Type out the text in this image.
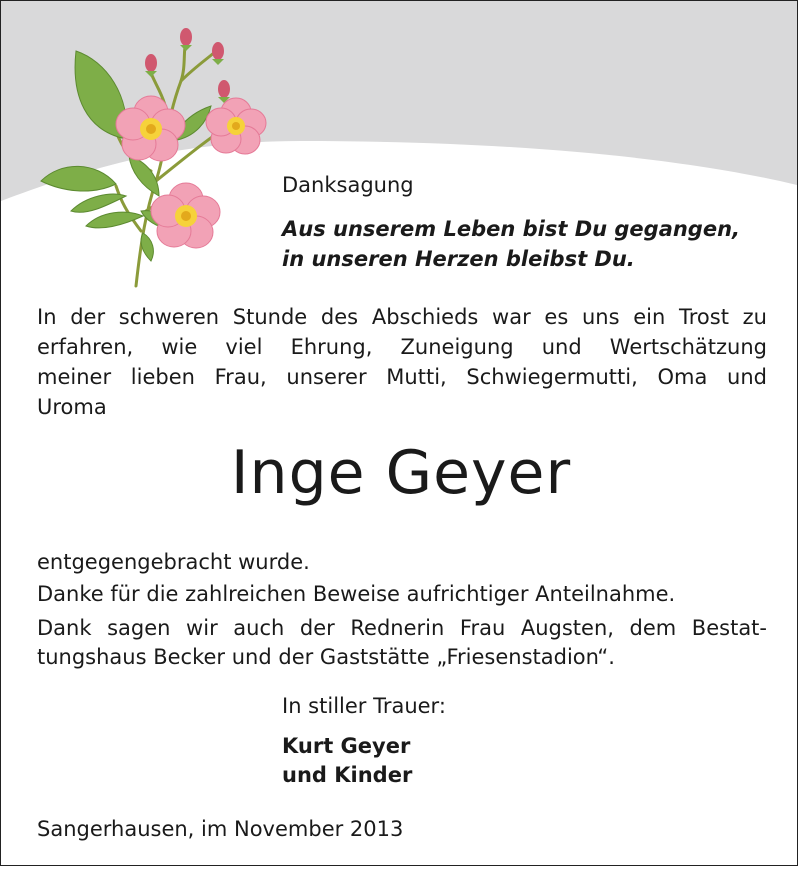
Danksagung

Aus unserem Leben bist Du gegangen,

in unseren Herzen bleibst Du.

In der schweren Stunde des Abschieds war es uns ein Trost zu

erfahren, wie viel Ehrung, Zuneigung und Wertschätzung

meiner lieben Frau, unserer Mutti, Schwiegermutti, Oma und

Uroma

Inge Geyer

entgegengebracht wurde.

Danke für die zahlreichen Beweise aufrichtiger Anteilnahme.

Dank sagen wir auch der Rednerin Frau Augsten, dem Bestat-

tungshaus Becker und der Gaststätte „Friesenstadion“.

In stiller Trauer:

Kurt Geyer

und Kinder

Sangerhausen, im November 2013
